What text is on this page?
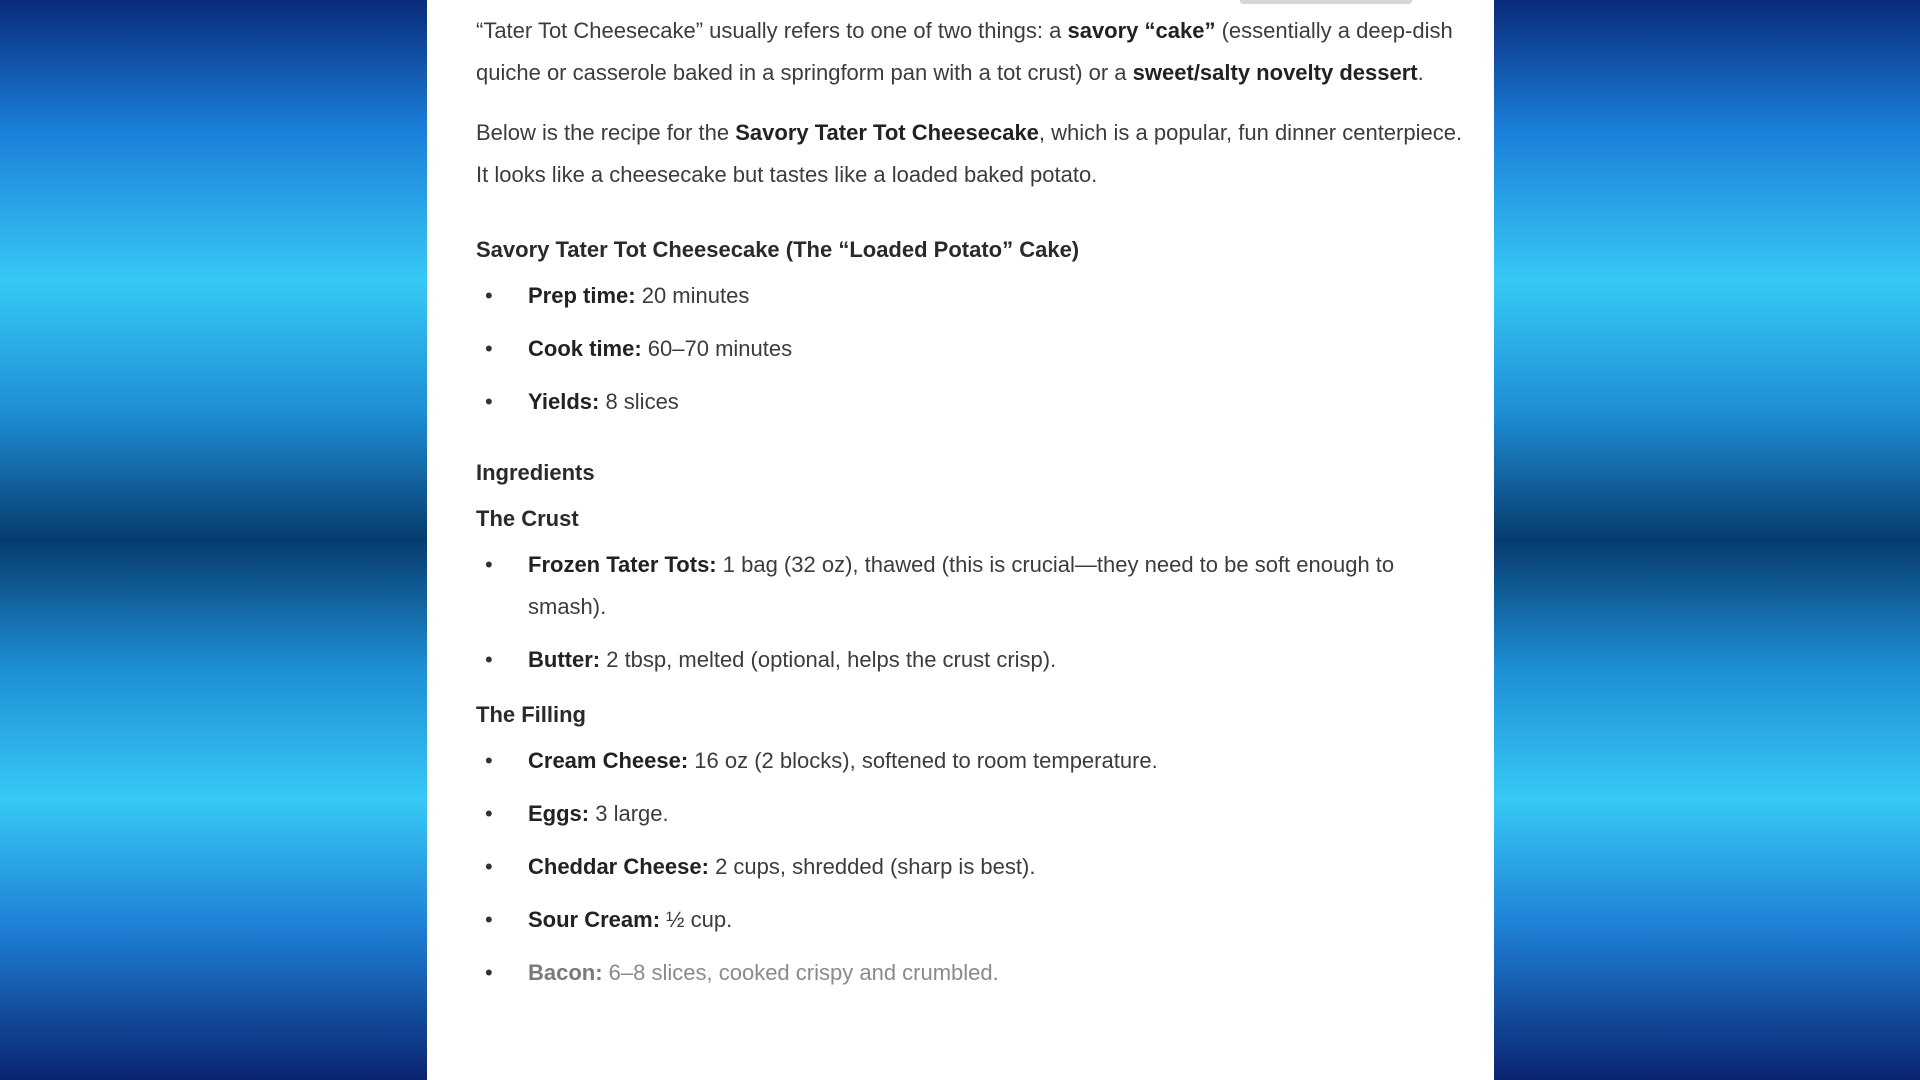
“Tater Tot Cheesecake” usually refers to one of two things: a savory “cake” (essentially a deep-dish quiche or casserole baked in a springform pan with a tot crust) or a sweet/salty novelty dessert.

Below is the recipe for the Savory Tater Tot Cheesecake, which is a popular, fun dinner centerpiece. It looks like a cheesecake but tastes like a loaded baked potato.

Savory Tater Tot Cheesecake (The “Loaded Potato” Cake)
• Prep time: 20 minutes
• Cook time: 60–70 minutes
• Yields: 8 slices
Ingredients
The Crust
• Frozen Tater Tots: 1 bag (32 oz), thawed (this is crucial—they need to be soft enough to smash).
• Butter: 2 tbsp, melted (optional, helps the crust crisp).
The Filling
• Cream Cheese: 16 oz (2 blocks), softened to room temperature.
• Eggs: 3 large.
• Cheddar Cheese: 2 cups, shredded (sharp is best).
• Sour Cream: ½ cup.
• Bacon: 6–8 slices, cooked crispy and crumbled.
